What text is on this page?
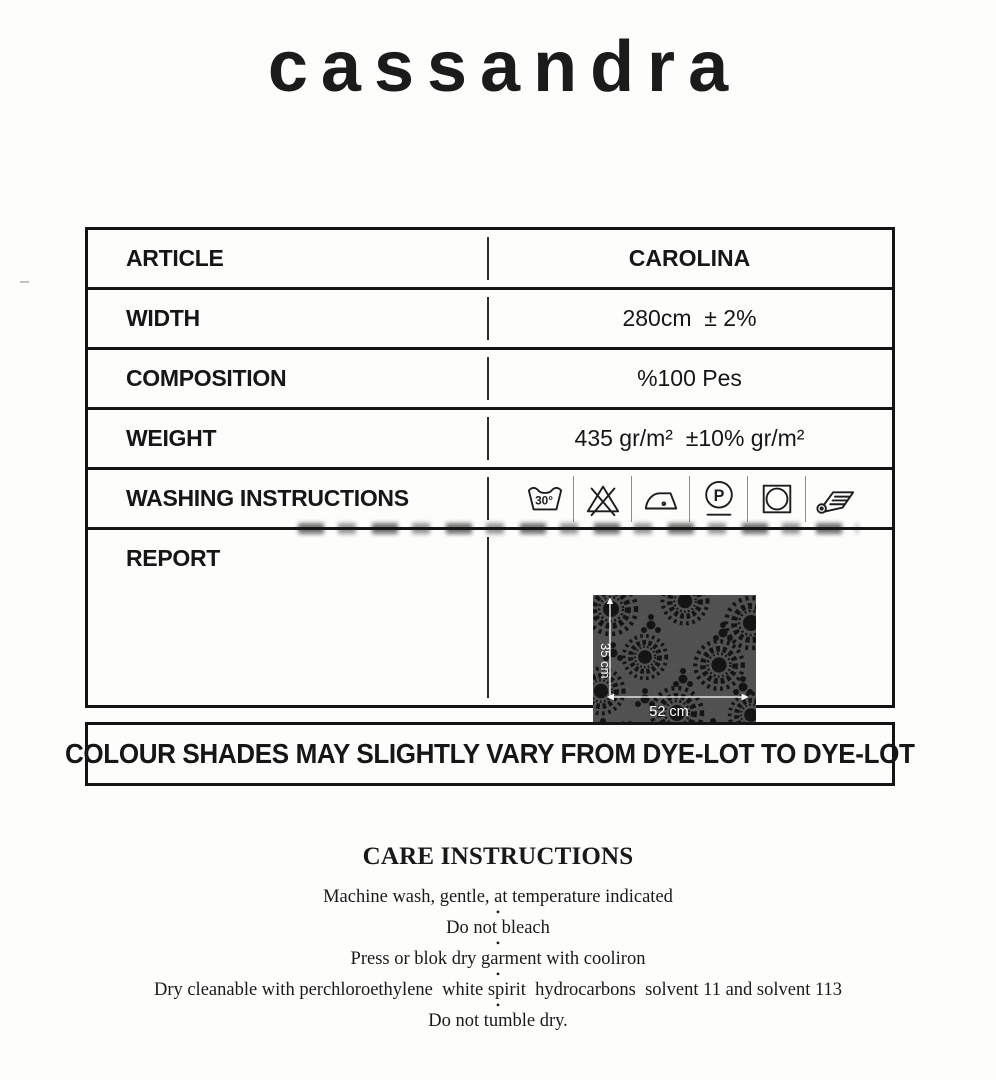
cassandra
ARTICLE	CAROLINA
WIDTH	280cm  ± 2%
COMPOSITION	%100 Pes
WEIGHT	435 gr/m²  ±10% gr/m²
WASHING INSTRUCTIONS	30°	P
REPORT

35 cm
52 cm

COLOUR SHADES MAY SLIGHTLY VARY FROM DYE-LOT TO DYE-LOT
CARE INSTRUCTIONS

Machine wash, gentle, at temperature indicated

•

Do not bleach

•

Press or blok dry garment with cooliron

•

Dry cleanable with perchloroethylene  white spirit  hydrocarbons  solvent 11 and solvent 113

•

Do not tumble dry.
